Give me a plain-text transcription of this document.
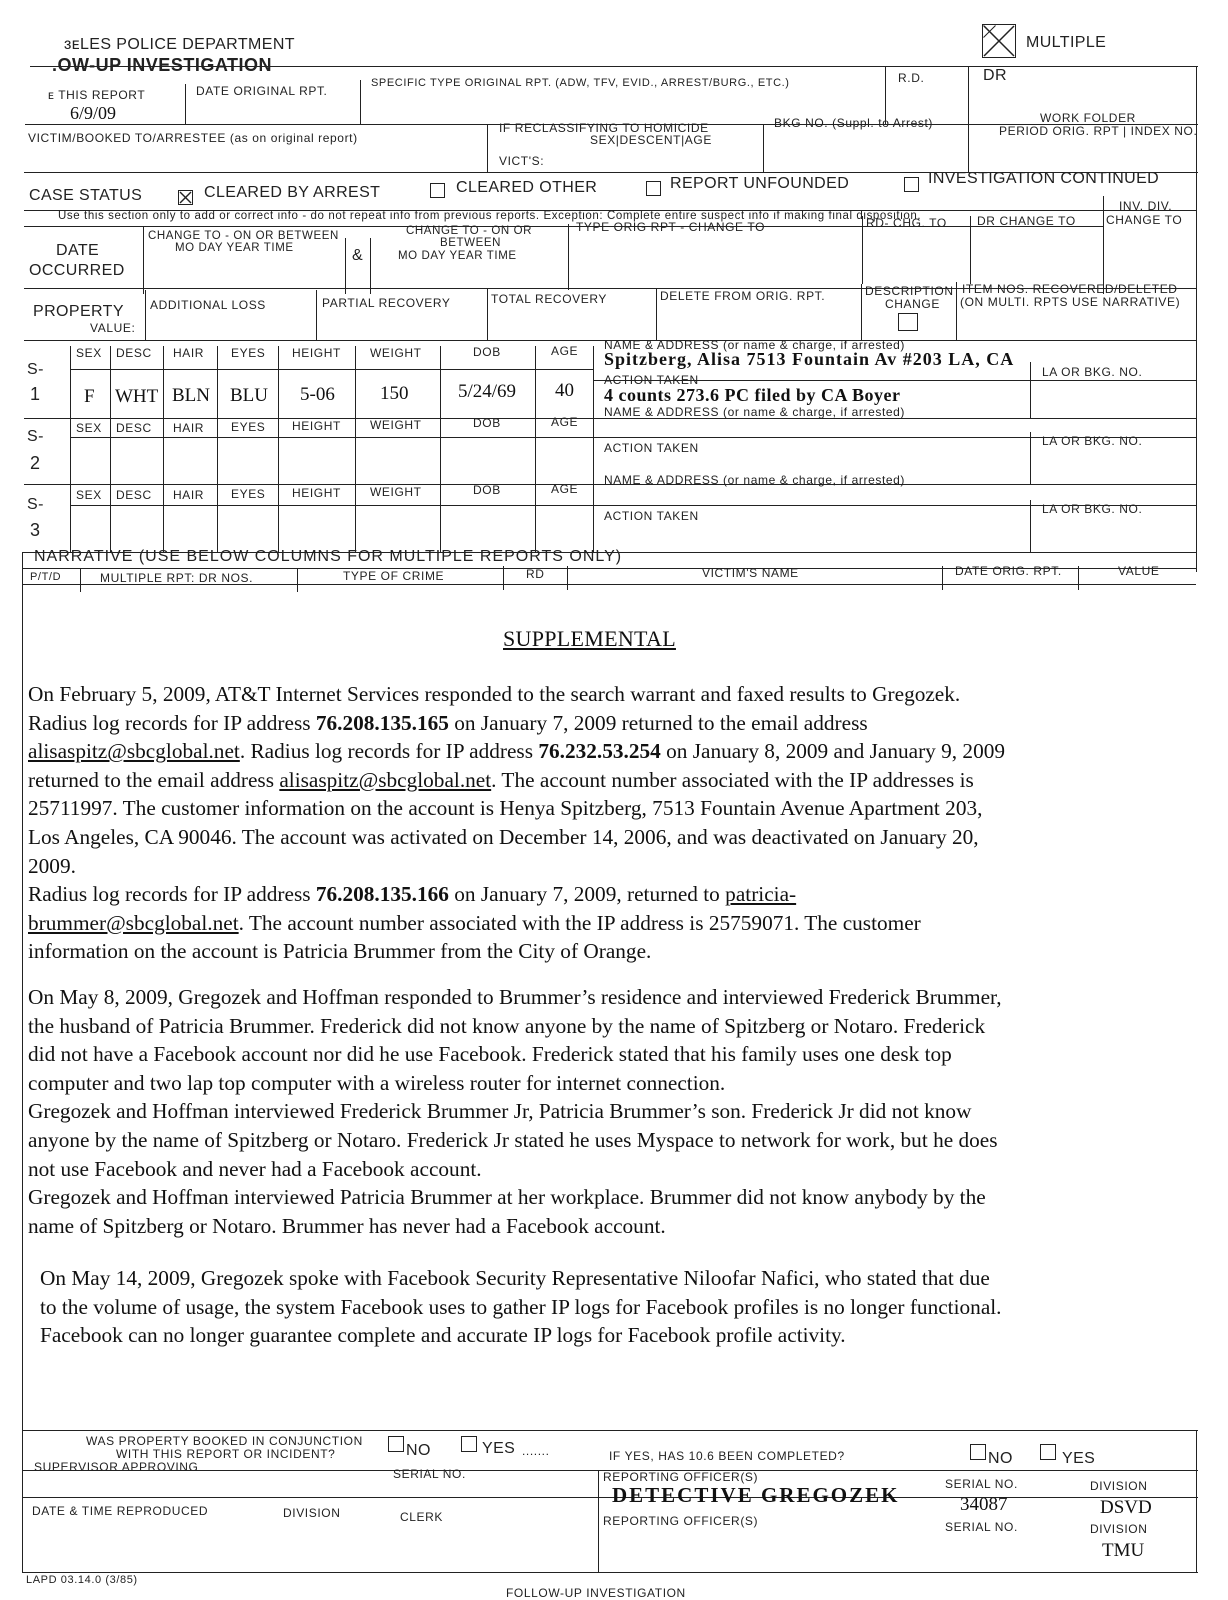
ɜᴇLES POLICE DEPARTMENT
.OW-UP INVESTIGATION
MULTIPLE
ᴇ THIS REPORT
6/9/09
DATE ORIGINAL RPT.
SPECIFIC TYPE ORIGINAL RPT. (ADW, TFV, EVID., ARREST/BURG., ETC.)	R.D.	DR
VICTIM/BOOKED TO/ARRESTEE (as on original report)
IF RECLASSIFYING TO HOMICIDE
SEX|DESCENT|AGE
VICT'S:
BKG NO. (Suppl. to Arrest)	WORK FOLDER
PERIOD ORIG. RPT | INDEX NO.
CASE STATUS	CLEARED BY ARREST	CLEARED OTHER	REPORT UNFOUNDED	INVESTIGATION CONTINUED
Use this section only to add or correct info - do not repeat info from previous reports. Exception: Complete entire suspect info if making final disposition.
INV. DIV.
CHANGE TO
DATE
OCCURRED
CHANGE TO - ON OR BETWEEN
MO DAY YEAR TIME	&
CHANGE TO - ON OR
BETWEEN
MO DAY YEAR TIME
TYPE ORIG RPT - CHANGE TO	RD- CHG. TO	DR CHANGE TO
PROPERTY
VALUE:
ADDITIONAL LOSS	PARTIAL RECOVERY	TOTAL RECOVERY	DELETE FROM ORIG. RPT.	DESCRIPTION
CHANGE
ITEM NOS. RECOVERED/DELETED
(ON MULTI. RPTS USE NARRATIVE)
S-
1
SEX DESC HAIR EYES HEIGHT WEIGHT	DOB	AGE
F WHT BLN BLU 5-06 150	5/24/69 40
NAME & ADDRESS (or name & charge, if arrested)
Spitzberg, Alisa 7513 Fountain Av #203 LA, CA
LA OR BKG. NO.
ACTION TAKEN
4 counts 273.6 PC filed by CA Boyer
S-
2
SEX DESC HAIR EYES HEIGHT WEIGHT	DOB	AGE
NAME & ADDRESS (or name & charge, if arrested)
LA OR BKG. NO.
ACTION TAKEN
S-
3
SEX DESC HAIR EYES HEIGHT WEIGHT	DOB	AGE
NAME & ADDRESS (or name & charge, if arrested)
LA OR BKG. NO.
ACTION TAKEN
NARRATIVE (USE BELOW COLUMNS FOR MULTIPLE REPORTS ONLY)
P/T/D	MULTIPLE RPT: DR NOS.	TYPE OF CRIME	RD	VICTIM'S NAME	DATE ORIG. RPT.	VALUE
SUPPLEMENTAL

On February 5, 2009, AT&T Internet Services responded to the search warrant and faxed results to Gregozek.

Radius log records for IP address 76.208.135.165 on January 7, 2009 returned to the email address

alisaspitz@sbcglobal.net. Radius log records for IP address 76.232.53.254 on January 8, 2009 and January 9, 2009

returned to the email address alisaspitz@sbcglobal.net. The account number associated with the IP addresses is

25711997. The customer information on the account is Henya Spitzberg, 7513 Fountain Avenue Apartment 203,

Los Angeles, CA 90046. The account was activated on December 14, 2006, and was deactivated on January 20,

2009.

Radius log records for IP address 76.208.135.166 on January 7, 2009, returned to patricia-

brummer@sbcglobal.net. The account number associated with the IP address is 25759071. The customer

information on the account is Patricia Brummer from the City of Orange.

On May 8, 2009, Gregozek and Hoffman responded to Brummer’s residence and interviewed Frederick Brummer,

the husband of Patricia Brummer. Frederick did not know anyone by the name of Spitzberg or Notaro. Frederick

did not have a Facebook account nor did he use Facebook. Frederick stated that his family uses one desk top

computer and two lap top computer with a wireless router for internet connection.

Gregozek and Hoffman interviewed Frederick Brummer Jr, Patricia Brummer’s son. Frederick Jr did not know

anyone by the name of Spitzberg or Notaro. Frederick Jr stated he uses Myspace to network for work, but he does

not use Facebook and never had a Facebook account.

Gregozek and Hoffman interviewed Patricia Brummer at her workplace. Brummer did not know anybody by the

name of Spitzberg or Notaro. Brummer has never had a Facebook account.

On May 14, 2009, Gregozek spoke with Facebook Security Representative Niloofar Nafici, who stated that due

to the volume of usage, the system Facebook uses to gather IP logs for Facebook profiles is no longer functional.

Facebook can no longer guarantee complete and accurate IP logs for Facebook profile activity.

WAS PROPERTY BOOKED IN CONJUNCTION
WITH THIS REPORT OR INCIDENT?	NO	YES .......	IF YES, HAS 10.6 BEEN COMPLETED?	NO	YES
SUPERVISOR APPROVING	SERIAL NO.	REPORTING OFFICER(S)	SERIAL NO.	DIVISION
DETECTIVE GREGOZEK	34087	DSVD
DATE & TIME REPRODUCED	DIVISION	CLERK	REPORTING OFFICER(S)	SERIAL NO.	DIVISION
TMU
LAPD 03.14.0 (3/85)
FOLLOW-UP INVESTIGATION
